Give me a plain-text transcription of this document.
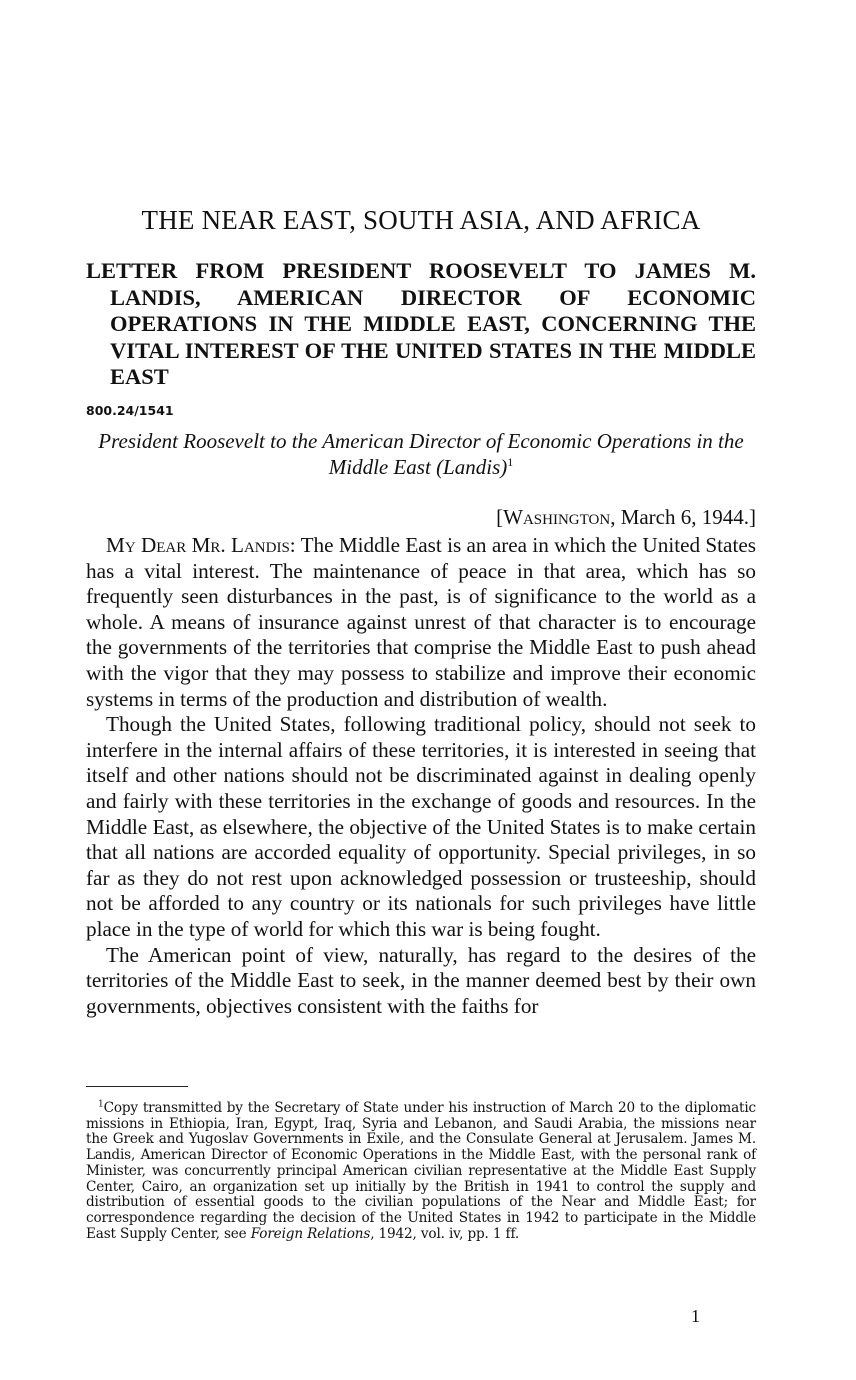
THE NEAR EAST, SOUTH ASIA, AND AFRICA
LETTER FROM PRESIDENT ROOSEVELT TO JAMES M. LANDIS, AMERICAN DIRECTOR OF ECONOMIC OPERATIONS IN THE MIDDLE EAST, CONCERNING THE VITAL INTEREST OF THE UNITED STATES IN THE MIDDLE EAST
800.24/1541
President Roosevelt to the American Director of Economic Operations in the Middle East (Landis)$^1$
[Washington, March 6, 1944.]

My Dear Mr. Landis: The Middle East is an area in which the United States has a vital interest. The maintenance of peace in that area, which has so frequently seen disturbances in the past, is of significance to the world as a whole. A means of insurance against unrest of that character is to encourage the governments of the territories that comprise the Middle East to push ahead with the vigor that they may possess to stabilize and improve their economic systems in terms of the production and distribution of wealth.

Though the United States, following traditional policy, should not seek to interfere in the internal affairs of these territories, it is interested in seeing that itself and other nations should not be discriminated against in dealing openly and fairly with these territories in the exchange of goods and resources. In the Middle East, as elsewhere, the objective of the United States is to make certain that all nations are accorded equality of opportunity. Special privileges, in so far as they do not rest upon acknowledged possession or trusteeship, should not be afforded to any country or its nationals for such privileges have little place in the type of world for which this war is being fought.

The American point of view, naturally, has regard to the desires of the territories of the Middle East to seek, in the manner deemed best by their own governments, objectives consistent with the faiths for

$^1$Copy transmitted by the Secretary of State under his instruction of March 20 to the diplomatic missions in Ethiopia, Iran, Egypt, Iraq, Syria and Lebanon, and Saudi Arabia, the missions near the Greek and Yugoslav Governments in Exile, and the Consulate General at Jerusalem. James M. Landis, American Director of Economic Operations in the Middle East, with the personal rank of Minister, was concurrently principal American civilian representative at the Middle East Supply Center, Cairo, an organization set up initially by the British in 1941 to control the supply and distribution of essential goods to the civilian populations of the Near and Middle East; for correspondence regarding the decision of the United States in 1942 to participate in the Middle East Supply Center, see Foreign Relations, 1942, vol. iv, pp. 1 ff.
1
